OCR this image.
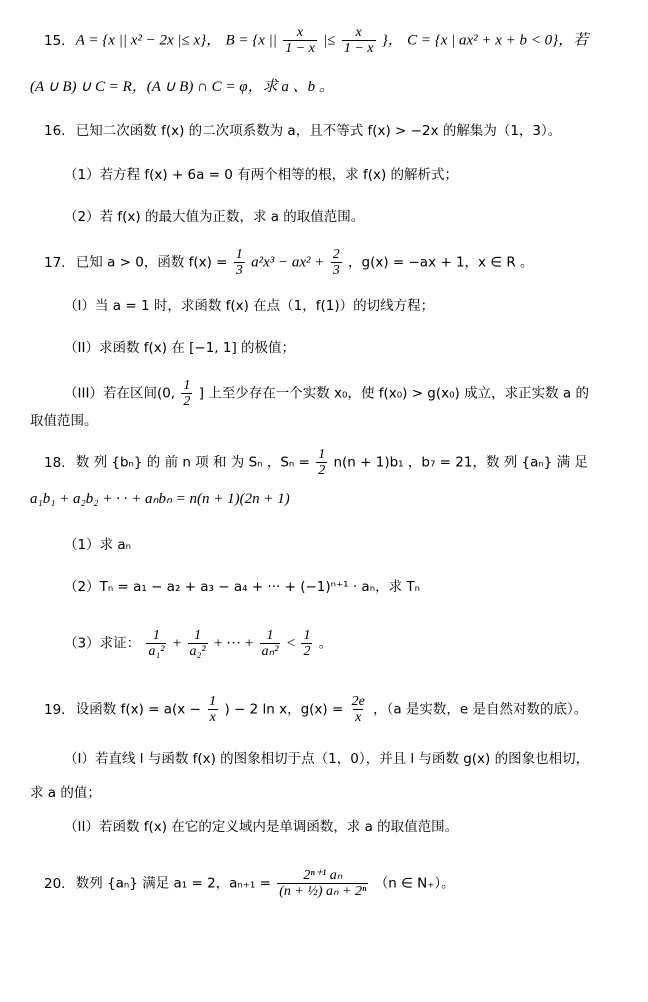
15. A = {x || x² − 2x |≤ x}， B = {x || $\frac{x}{1 - x}$ |≤ $\frac{x}{1 - x}$ }， C = {x | ax² + x + b < 0}，若
(A ∪ B) ∪ C = R，(A ∪ B) ∩ C = φ，求 a 、b 。
16. 已知二次函数 f(x) 的二次项系数为 a，且不等式 f(x) > −2x 的解集为（1，3）。
（1）若方程 f(x) + 6a = 0 有两个相等的根，求 f(x) 的解析式；
（2）若 f(x) 的最大值为正数，求 a 的取值范围。
17. 已知 a > 0，函数 $f(x) = \frac{1}{3} a^2x^3 - ax^2 + \frac{2}{3}$ ，g(x) = −ax + 1，x ∈ R 。
（I）当 a = 1 时，求函数 f(x) 在点（1，f(1)）的切线方程；
（II）求函数 f(x) 在 [−1, 1] 的极值；
（III）若在区间(0, $\frac{1}{2}$ ] 上至少存在一个实数 x₀，使 f(x₀) > g(x₀) 成立，求正实数 a 的
取值范围。
18. 数 列 {bₙ} 的 前 n 项 和 为 Sₙ ，$S_n = \frac{1}{2} n(n + 1)b_1$ ，b₇ = 21，数 列 {aₙ} 满 足
a₁b₁ + a₂b₂ + · · + aₙbₙ = n(n + 1)(2n + 1)
（1）求 aₙ
（2）Tₙ = a₁ − a₂ + a₃ − a₄ + ··· + (−1)ⁿ⁺¹ · aₙ，求 Tₙ
（3）求证： $\frac{1}{\text{a₁²}} + \frac{1}{\text{a₂²}}$ + ··· + $\frac{1}{\text{aₙ²}} < \frac{1}{2}$ 。
19. 设函数 $f(x) = a(x - \frac{1}{x}$ ) − 2 ln x，$g(x) = \frac{2e}{x}$ ，（a 是实数，e 是自然对数的底）。
（I）若直线 l 与函数 f(x) 的图象相切于点（1，0），并且 l 与函数 g(x) 的图象也相切，
求 a 的值；
（II）若函数 f(x) 在它的定义域内是单调函数，求 a 的取值范围。
20. 数列 {aₙ} 满足 a₁ = 2，$a_{n+1} = \frac{\text{2ⁿ⁺¹ aₙ}}{\text{(n + ½) aₙ + 2ⁿ}} (n$ ∈ N₊）。
